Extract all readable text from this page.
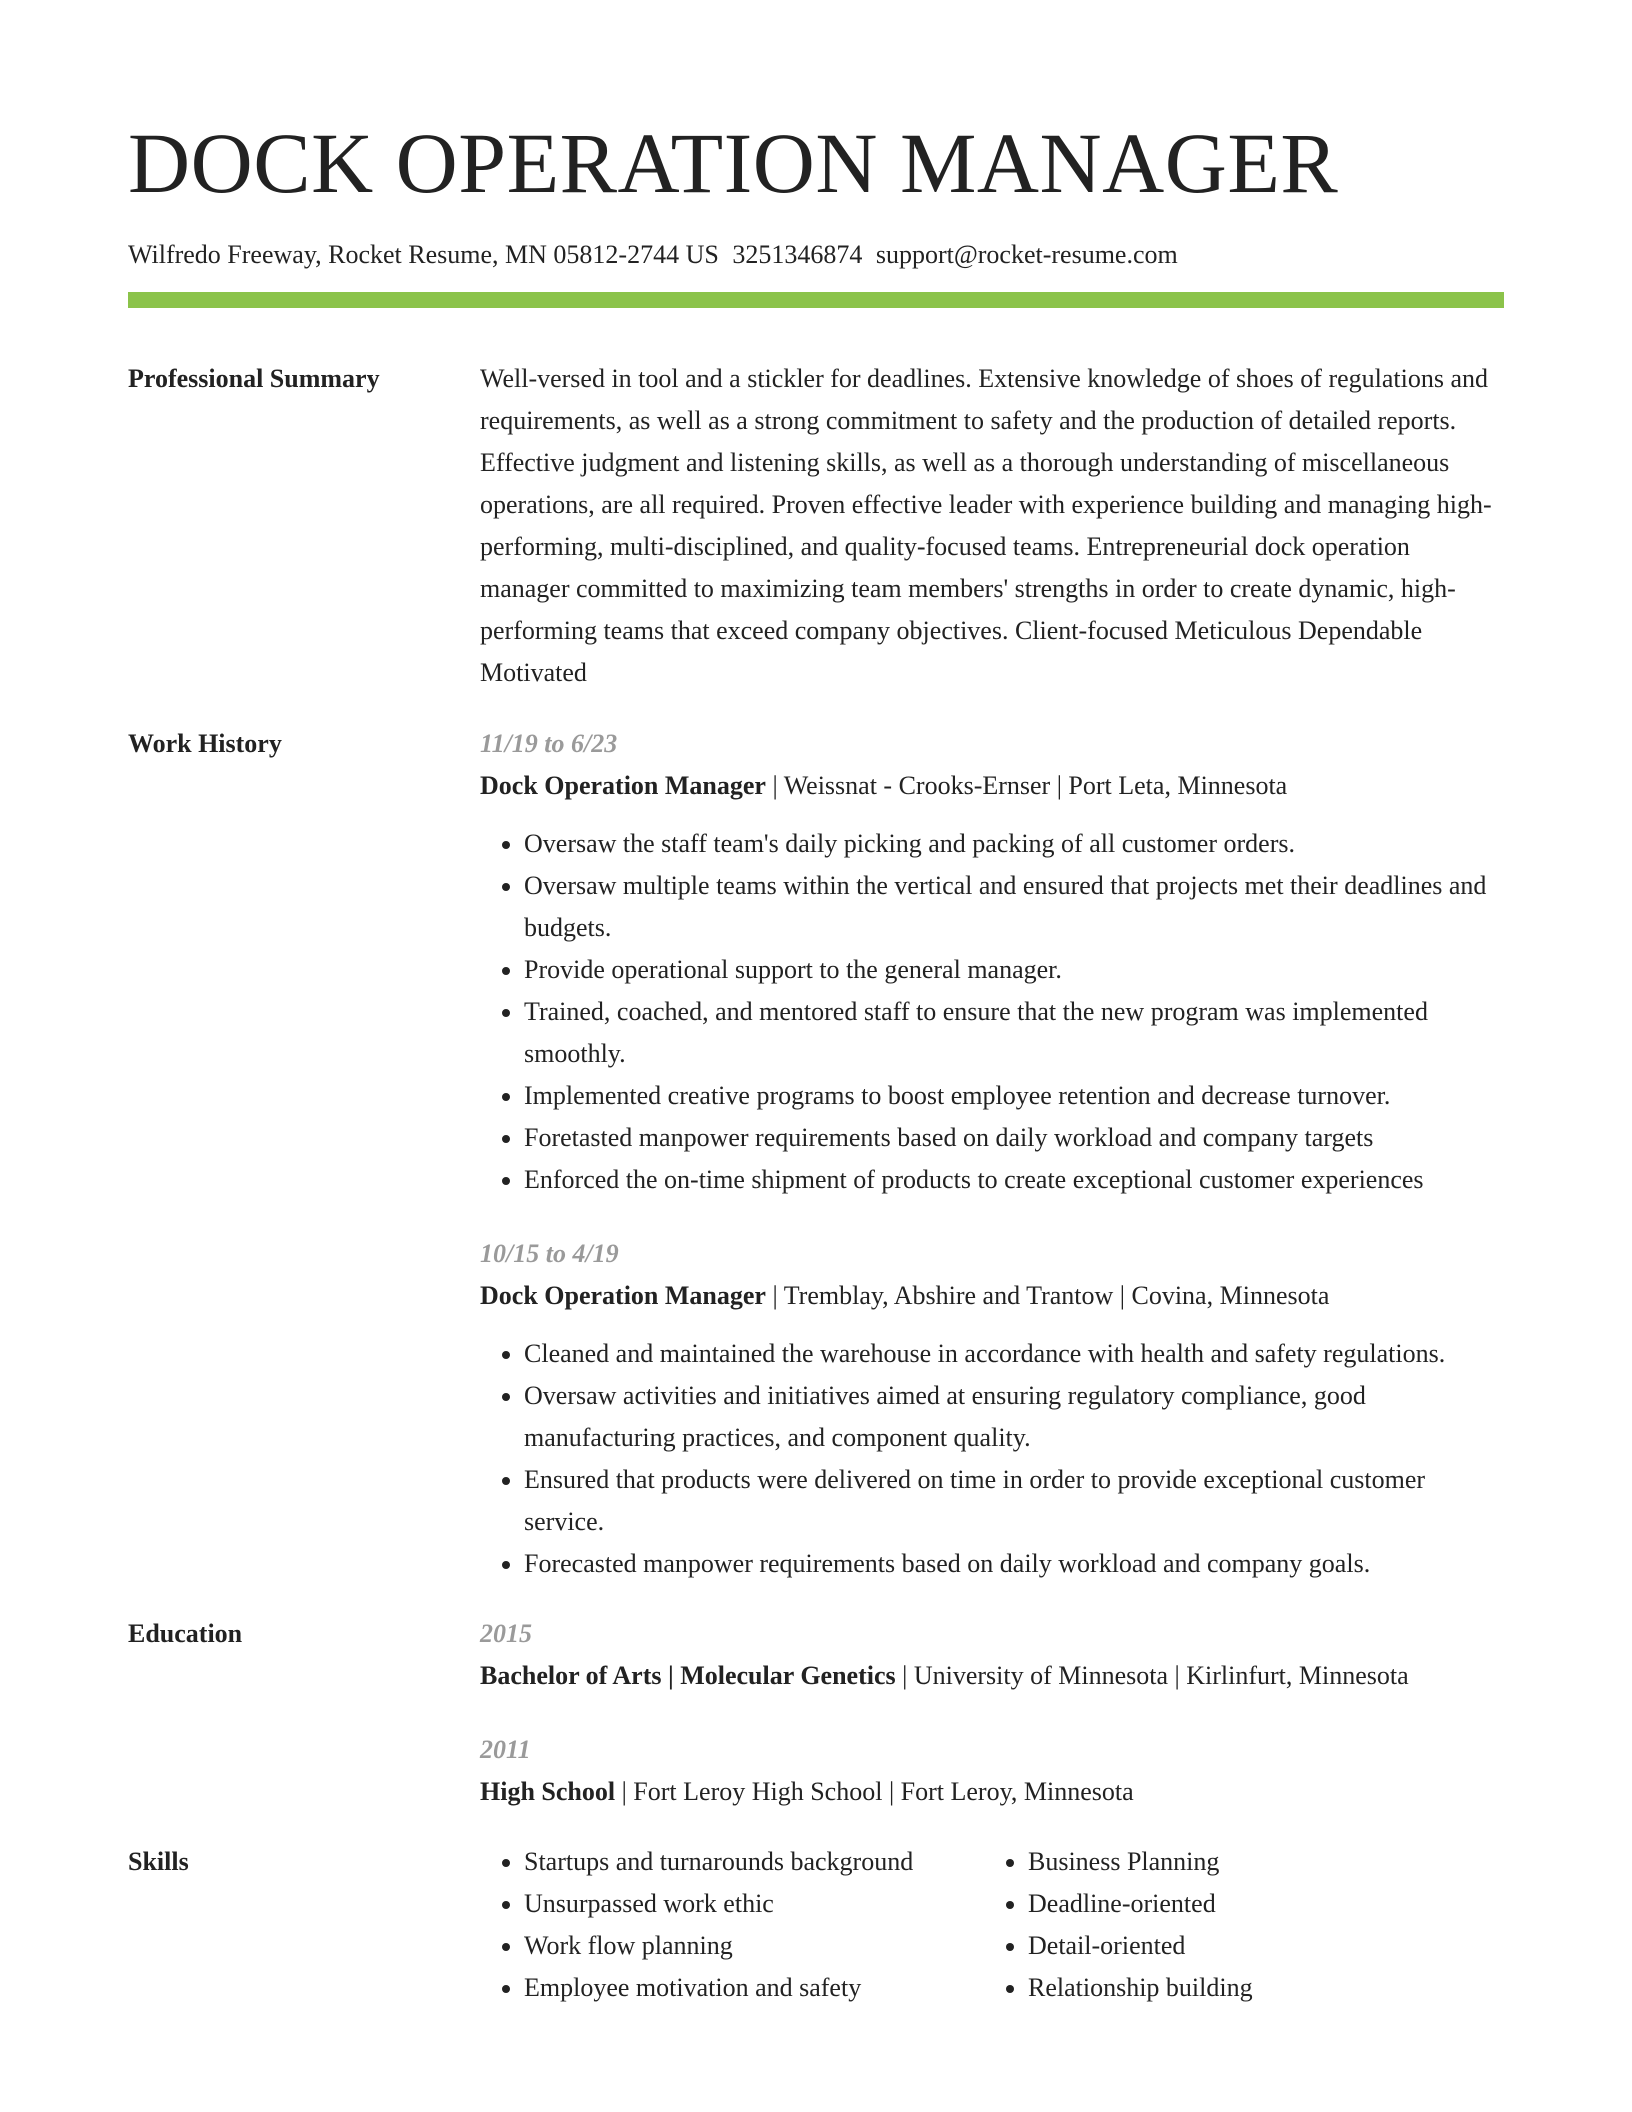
DOCK OPERATION MANAGER
Wilfredo Freeway, Rocket Resume, MN 05812-2744 US 3251346874 support@rocket-resume.com
Professional Summary	Well-versed in tool and a stickler for deadlines. Extensive knowledge of shoes of regulations and requirements, as well as a strong commitment to safety and the production of detailed reports. Effective judgment and listening skills, as well as a thorough understanding of miscellaneous operations, are all required. Proven effective leader with experience building and managing high-performing, multi-disciplined, and quality-focused teams. Entrepreneurial dock operation manager committed to maximizing team members' strengths in order to create dynamic, high-performing teams that exceed company objectives. Client-focused Meticulous Dependable Motivated
Work History	11/19 to 6/23
Dock Operation Manager | Weissnat - Crooks-Ernser | Port Leta, Minnesota
• Oversaw the staff team's daily picking and packing of all customer orders.
• Oversaw multiple teams within the vertical and ensured that projects met their deadlines and budgets.
• Provide operational support to the general manager.
• Trained, coached, and mentored staff to ensure that the new program was implemented smoothly.
• Implemented creative programs to boost employee retention and decrease turnover.
• Foretasted manpower requirements based on daily workload and company targets
• Enforced the on-time shipment of products to create exceptional customer experiences
10/15 to 4/19
Dock Operation Manager | Tremblay, Abshire and Trantow | Covina, Minnesota
• Cleaned and maintained the warehouse in accordance with health and safety regulations.
• Oversaw activities and initiatives aimed at ensuring regulatory compliance, good manufacturing practices, and component quality.
• Ensured that products were delivered on time in order to provide exceptional customer service.
• Forecasted manpower requirements based on daily workload and company goals.
Education	2015
Bachelor of Arts | Molecular Genetics | University of Minnesota | Kirlinfurt, Minnesota
2011
High School | Fort Leroy High School | Fort Leroy, Minnesota
Skills
•	Startups and turnarounds background
• Unsurpassed work ethic
• Work flow planning
• Employee motivation and safety
• Business Planning
• Deadline-oriented
• Detail-oriented
• Relationship building
